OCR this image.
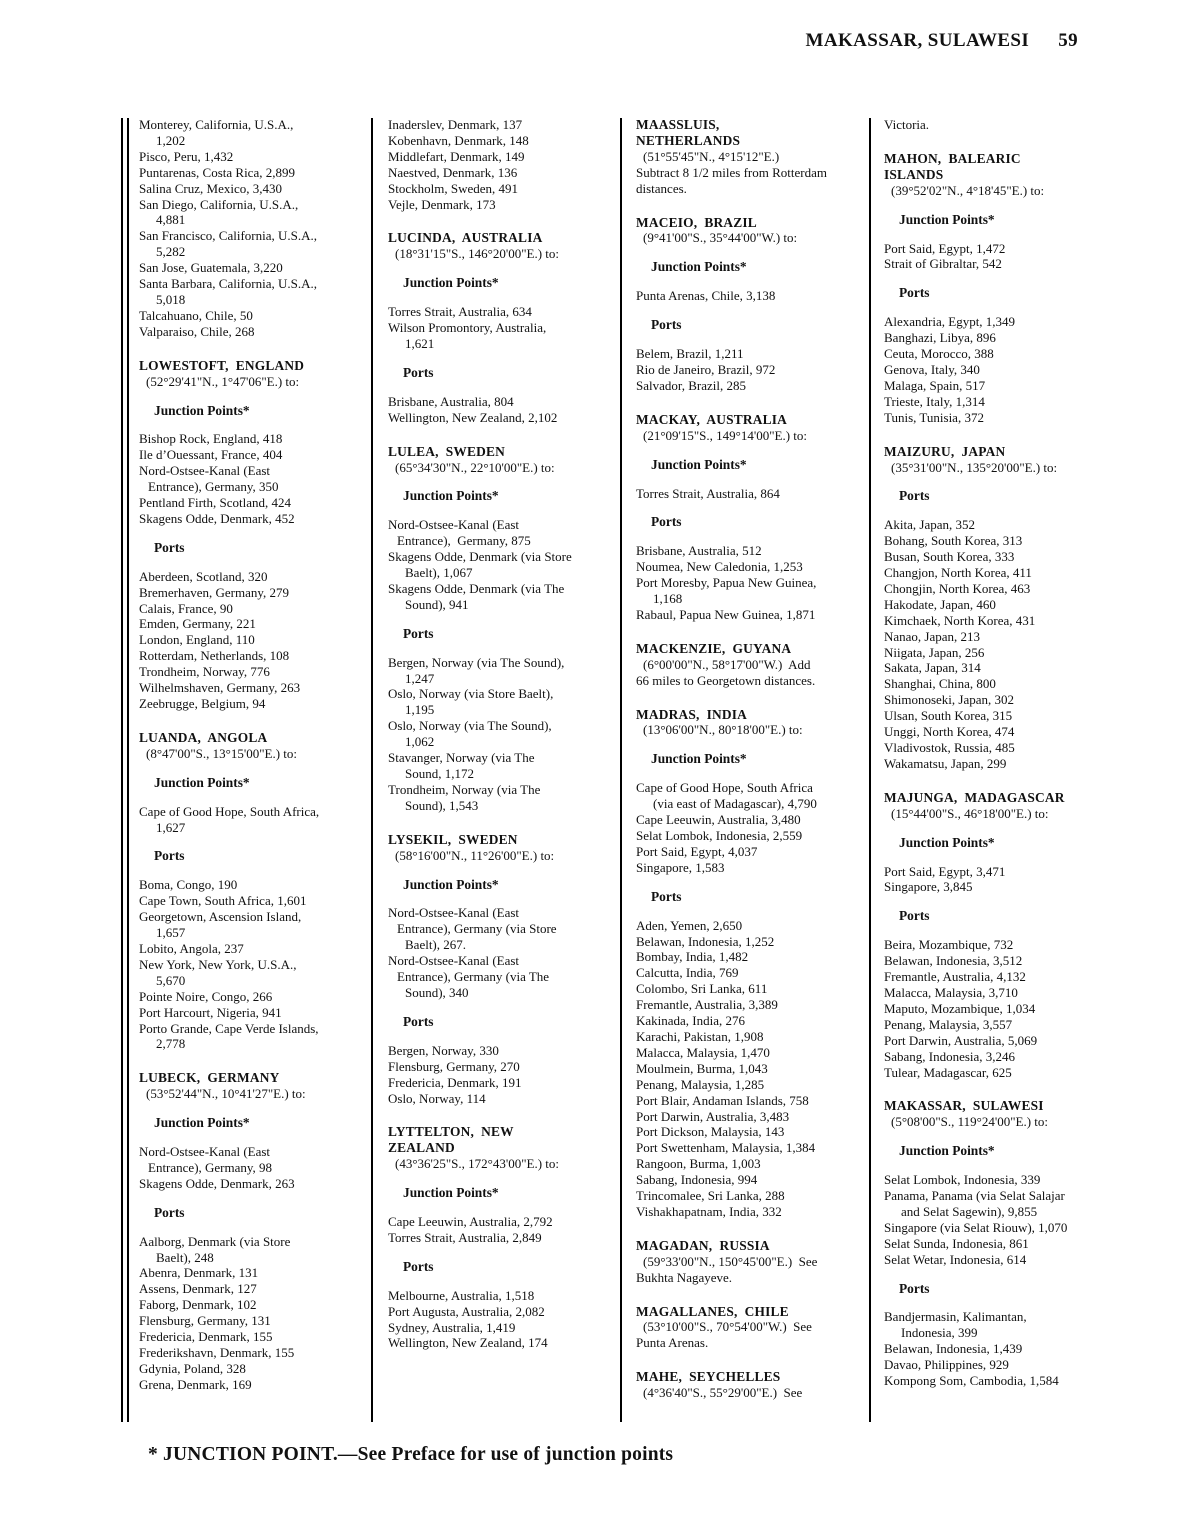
MAKASSAR, SULAWESI 59
Monterey, California, U.S.A.,
1,202
Pisco, Peru, 1,432
Puntarenas, Costa Rica, 2,899
Salina Cruz, Mexico, 3,430
San Diego, California, U.S.A.,
4,881
San Francisco, California, U.S.A.,
5,282
San Jose, Guatemala, 3,220
Santa Barbara, California, U.S.A.,
5,018
Talcahuano, Chile, 50
Valparaiso, Chile, 268
LOWESTOFT,  ENGLAND
(52°29'41"N., 1°47'06"E.) to:
Junction Points*
Bishop Rock, England, 418
Ile d’Ouessant, France, 404
Nord-Ostsee-Kanal (East
Entrance), Germany, 350
Pentland Firth, Scotland, 424
Skagens Odde, Denmark, 452
Ports
Aberdeen, Scotland, 320
Bremerhaven, Germany, 279
Calais, France, 90
Emden, Germany, 221
London, England, 110
Rotterdam, Netherlands, 108
Trondheim, Norway, 776
Wilhelmshaven, Germany, 263
Zeebrugge, Belgium, 94
LUANDA,  ANGOLA
(8°47'00"S., 13°15'00"E.) to:
Junction Points*
Cape of Good Hope, South Africa,
1,627
Ports
Boma, Congo, 190
Cape Town, South Africa, 1,601
Georgetown, Ascension Island,
1,657
Lobito, Angola, 237
New York, New York, U.S.A.,
5,670
Pointe Noire, Congo, 266
Port Harcourt, Nigeria, 941
Porto Grande, Cape Verde Islands,
2,778
LUBECK,  GERMANY
(53°52'44"N., 10°41'27"E.) to:
Junction Points*
Nord-Ostsee-Kanal (East
Entrance), Germany, 98
Skagens Odde, Denmark, 263
Ports
Aalborg, Denmark (via Store
Baelt), 248
Abenra, Denmark, 131
Assens, Denmark, 127
Faborg, Denmark, 102
Flensburg, Germany, 131
Fredericia, Denmark, 155
Frederikshavn, Denmark, 155
Gdynia, Poland, 328
Grena, Denmark, 169
Inaderslev, Denmark, 137
Kobenhavn, Denmark, 148
Middlefart, Denmark, 149
Naestved, Denmark, 136
Stockholm, Sweden, 491
Vejle, Denmark, 173
LUCINDA,  AUSTRALIA
(18°31'15"S., 146°20'00"E.) to:
Junction Points*
Torres Strait, Australia, 634
Wilson Promontory, Australia,
1,621
Ports
Brisbane, Australia, 804
Wellington, New Zealand, 2,102
LULEA,  SWEDEN
(65°34'30"N., 22°10'00"E.) to:
Junction Points*
Nord-Ostsee-Kanal (East
Entrance),  Germany, 875
Skagens Odde, Denmark (via Store
Baelt), 1,067
Skagens Odde, Denmark (via The
Sound), 941
Ports
Bergen, Norway (via The Sound),
1,247
Oslo, Norway (via Store Baelt),
1,195
Oslo, Norway (via The Sound),
1,062
Stavanger, Norway (via The
Sound, 1,172
Trondheim, Norway (via The
Sound), 1,543
LYSEKIL,  SWEDEN
(58°16'00"N., 11°26'00"E.) to:
Junction Points*
Nord-Ostsee-Kanal (East
Entrance), Germany (via Store
Baelt), 267.
Nord-Ostsee-Kanal (East
Entrance), Germany (via The
Sound), 340
Ports
Bergen, Norway, 330
Flensburg, Germany, 270
Fredericia, Denmark, 191
Oslo, Norway, 114
LYTTELTON,  NEW
ZEALAND
(43°36'25"S., 172°43'00"E.) to:
Junction Points*
Cape Leeuwin, Australia, 2,792
Torres Strait, Australia, 2,849
Ports
Melbourne, Australia, 1,518
Port Augusta, Australia, 2,082
Sydney, Australia, 1,419
Wellington, New Zealand, 174
MAASSLUIS,
NETHERLANDS
(51°55'45"N., 4°15'12"E.)
Subtract 8 1/2 miles from Rotterdam
distances.
MACEIO,  BRAZIL
(9°41'00"S., 35°44'00"W.) to:
Junction Points*
Punta Arenas, Chile, 3,138
Ports
Belem, Brazil, 1,211
Rio de Janeiro, Brazil, 972
Salvador, Brazil, 285
MACKAY,  AUSTRALIA
(21°09'15"S., 149°14'00"E.) to:
Junction Points*
Torres Strait, Australia, 864
Ports
Brisbane, Australia, 512
Noumea, New Caledonia, 1,253
Port Moresby, Papua New Guinea,
1,168
Rabaul, Papua New Guinea, 1,871
MACKENZIE,  GUYANA
(6°00'00"N., 58°17'00"W.)  Add
66 miles to Georgetown distances.
MADRAS,  INDIA
(13°06'00"N., 80°18'00"E.) to:
Junction Points*
Cape of Good Hope, South Africa
(via east of Madagascar), 4,790
Cape Leeuwin, Australia, 3,480
Selat Lombok, Indonesia, 2,559
Port Said, Egypt, 4,037
Singapore, 1,583
Ports
Aden, Yemen, 2,650
Belawan, Indonesia, 1,252
Bombay, India, 1,482
Calcutta, India, 769
Colombo, Sri Lanka, 611
Fremantle, Australia, 3,389
Kakinada, India, 276
Karachi, Pakistan, 1,908
Malacca, Malaysia, 1,470
Moulmein, Burma, 1,043
Penang, Malaysia, 1,285
Port Blair, Andaman Islands, 758
Port Darwin, Australia, 3,483
Port Dickson, Malaysia, 143
Port Swettenham, Malaysia, 1,384
Rangoon, Burma, 1,003
Sabang, Indonesia, 994
Trincomalee, Sri Lanka, 288
Vishakhapatnam, India, 332
MAGADAN,  RUSSIA
(59°33'00"N., 150°45'00"E.)  See
Bukhta Nagayeve.
MAGALLANES,  CHILE
(53°10'00"S., 70°54'00"W.)  See
Punta Arenas.
MAHE,  SEYCHELLES
(4°36'40"S., 55°29'00"E.)  See
Victoria.
MAHON,  BALEARIC
ISLANDS
(39°52'02"N., 4°18'45"E.) to:
Junction Points*
Port Said, Egypt, 1,472
Strait of Gibraltar, 542
Ports
Alexandria, Egypt, 1,349
Banghazi, Libya, 896
Ceuta, Morocco, 388
Genova, Italy, 340
Malaga, Spain, 517
Trieste, Italy, 1,314
Tunis, Tunisia, 372
MAIZURU,  JAPAN
(35°31'00"N., 135°20'00"E.) to:
Ports
Akita, Japan, 352
Bohang, South Korea, 313
Busan, South Korea, 333
Changjon, North Korea, 411
Chongjin, North Korea, 463
Hakodate, Japan, 460
Kimchaek, North Korea, 431
Nanao, Japan, 213
Niigata, Japan, 256
Sakata, Japan, 314
Shanghai, China, 800
Shimonoseki, Japan, 302
Ulsan, South Korea, 315
Unggi, North Korea, 474
Vladivostok, Russia, 485
Wakamatsu, Japan, 299
MAJUNGA,  MADAGASCAR
(15°44'00"S., 46°18'00"E.) to:
Junction Points*
Port Said, Egypt, 3,471
Singapore, 3,845
Ports
Beira, Mozambique, 732
Belawan, Indonesia, 3,512
Fremantle, Australia, 4,132
Malacca, Malaysia, 3,710
Maputo, Mozambique, 1,034
Penang, Malaysia, 3,557
Port Darwin, Australia, 5,069
Sabang, Indonesia, 3,246
Tulear, Madagascar, 625
MAKASSAR,  SULAWESI
(5°08'00"S., 119°24'00"E.) to:
Junction Points*
Selat Lombok, Indonesia, 339
Panama, Panama (via Selat Salajar
and Selat Sagewin), 9,855
Singapore (via Selat Riouw), 1,070
Selat Sunda, Indonesia, 861
Selat Wetar, Indonesia, 614
Ports
Bandjermasin, Kalimantan,
Indonesia, 399
Belawan, Indonesia, 1,439
Davao, Philippines, 929
Kompong Som, Cambodia, 1,584
* JUNCTION POINT.—See Preface for use of junction points
